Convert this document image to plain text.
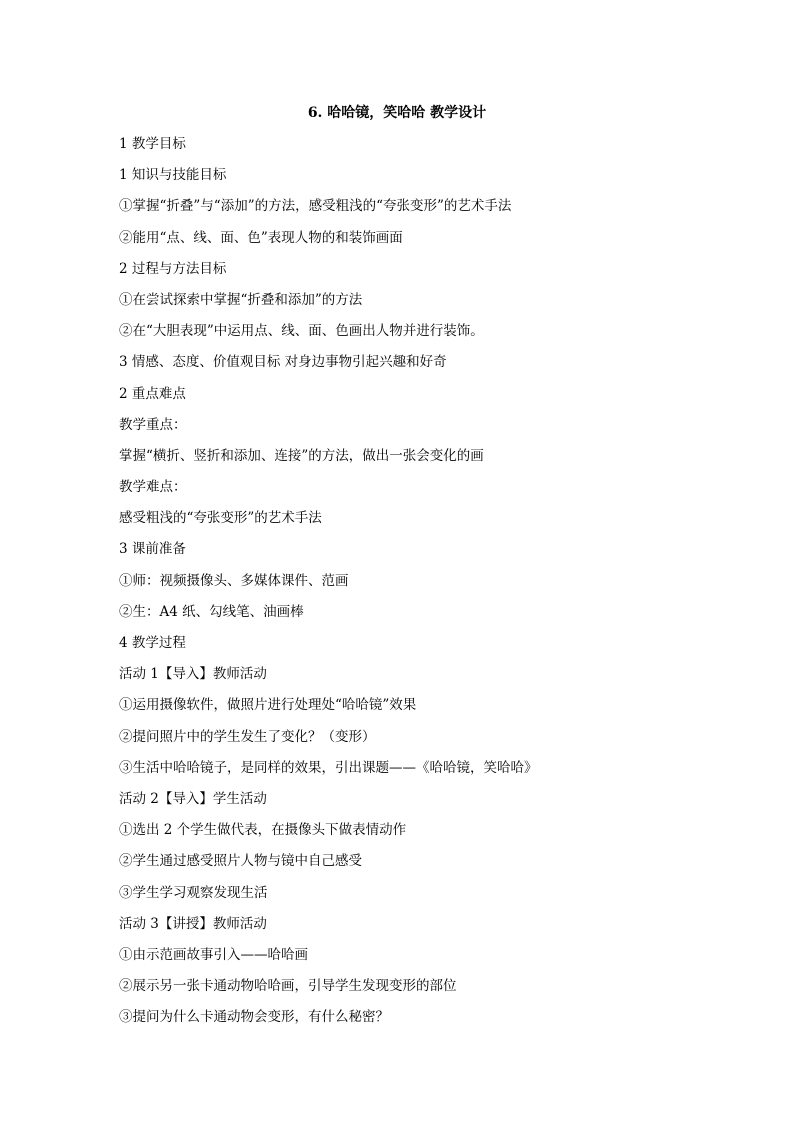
6. 哈哈镜，笑哈哈 教学设计
1 教学目标
1 知识与技能目标
①掌握“折叠”与“添加”的方法，感受粗浅的“夸张变形”的艺术手法
②能用“点、线、面、色”表现人物的和装饰画面
2 过程与方法目标
①在尝试探索中掌握“折叠和添加”的方法
②在“大胆表现”中运用点、线、面、色画出人物并进行装饰。
3 情感、态度、价值观目标 对身边事物引起兴趣和好奇
2 重点难点
教学重点：
掌握“横折、竖折和添加、连接”的方法，做出一张会变化的画
教学难点：
感受粗浅的“夸张变形”的艺术手法
3 课前准备
①师：视频摄像头、多媒体课件、范画
②生：A4 纸、勾线笔、油画棒
4 教学过程
活动 1【导入】教师活动
①运用摄像软件，做照片进行处理处“哈哈镜”效果
②提问照片中的学生发生了变化？（变形）
③生活中哈哈镜子，是同样的效果，引出课题——《哈哈镜，笑哈哈》
活动 2【导入】学生活动
①选出 2 个学生做代表，在摄像头下做表情动作
②学生通过感受照片人物与镜中自己感受
③学生学习观察发现生活
活动 3【讲授】教师活动
①由示范画故事引入——哈哈画
②展示另一张卡通动物哈哈画，引导学生发现变形的部位
③提问为什么卡通动物会变形，有什么秘密？
